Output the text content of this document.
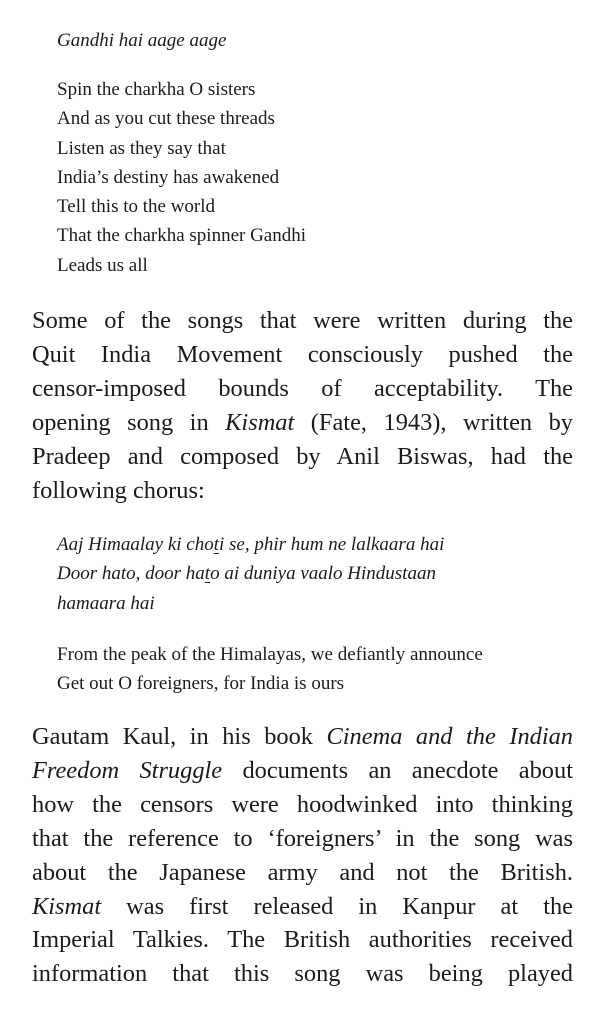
Gandhi hai aage aage
Spin the charkha O sisters
And as you cut these threads
Listen as they say that
India’s destiny has awakened
Tell this to the world
That the charkha spinner Gandhi
Leads us all
Some of the songs that were written during the
Quit India Movement consciously pushed the
censor-imposed bounds of acceptability. The
opening song in Kismat (Fate, 1943), written by
Pradeep and composed by Anil Biswas, had the
following chorus:
Aaj Himaalay ki choti se, phir hum ne lalkaara hai
Door hato, door hato ai duniya vaalo Hindustaan
hamaara hai
From the peak of the Himalayas, we defiantly announce
Get out O foreigners, for India is ours
Gautam Kaul, in his book Cinema and the Indian
Freedom Struggle documents an anecdote about
how the censors were hoodwinked into thinking
that the reference to ‘foreigners’ in the song was
about the Japanese army and not the British.
Kismat was first released in Kanpur at the
Imperial Talkies. The British authorities received
information that this song was being played
